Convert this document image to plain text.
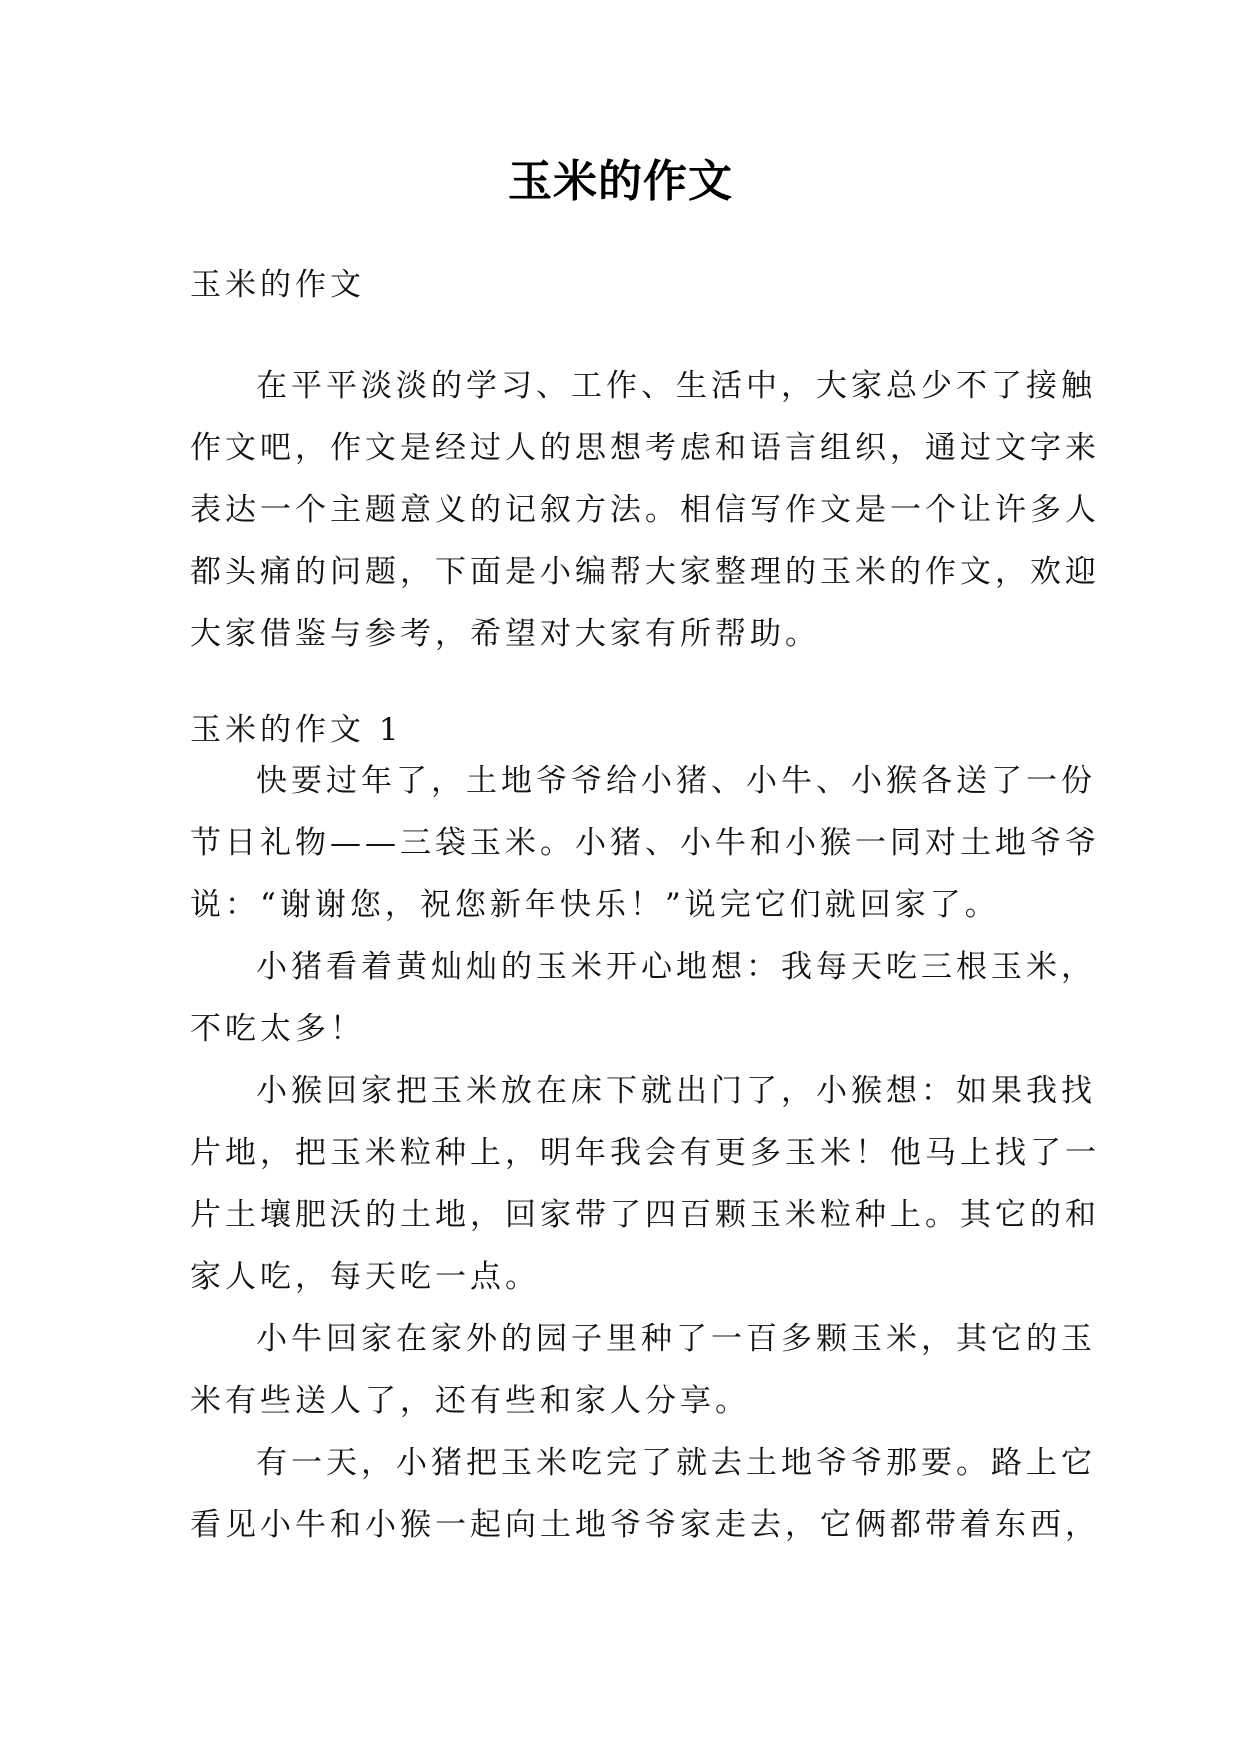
玉米的作文
玉米的作文
在平平淡淡的学习、工作、生活中，大家总少不了接触
作文吧，作文是经过人的思想考虑和语言组织，通过文字来
表达一个主题意义的记叙方法。相信写作文是一个让许多人
都头痛的问题，下面是小编帮大家整理的玉米的作文，欢迎
大家借鉴与参考，希望对大家有所帮助。
玉米的作文 1
快要过年了，土地爷爷给小猪、小牛、小猴各送了一份
节日礼物——三袋玉米。小猪、小牛和小猴一同对土地爷爷
说：“谢谢您，祝您新年快乐！”说完它们就回家了。
小猪看着黄灿灿的玉米开心地想：我每天吃三根玉米，
不吃太多！
小猴回家把玉米放在床下就出门了，小猴想：如果我找
片地，把玉米粒种上，明年我会有更多玉米！他马上找了一
片土壤肥沃的土地，回家带了四百颗玉米粒种上。其它的和
家人吃，每天吃一点。
小牛回家在家外的园子里种了一百多颗玉米，其它的玉
米有些送人了，还有些和家人分享。
有一天，小猪把玉米吃完了就去土地爷爷那要。路上它
看见小牛和小猴一起向土地爷爷家走去，它俩都带着东西，
